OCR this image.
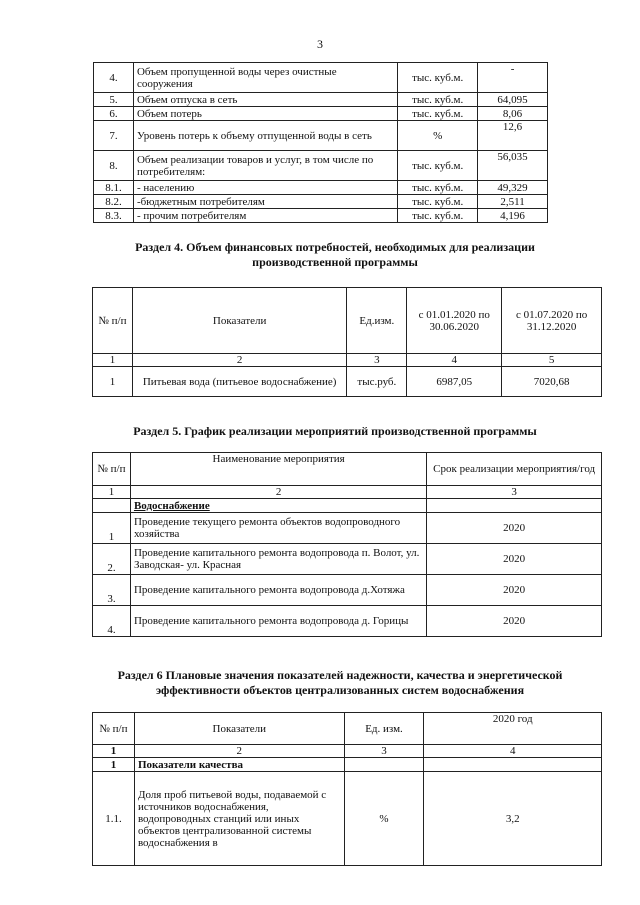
3
4.	Объем пропущенной воды через очистные сооружения	тыс. куб.м.	-
5.	Объем отпуска в сеть	тыс. куб.м.	64,095
6.	Объем потерь	тыс. куб.м.	8,06
7.	Уровень потерь к объему отпущенной воды в сеть	%	12,6
8.	Объем реализации товаров и услуг, в том числе по потребителям:	тыс. куб.м.	56,035
8.1.	- населению	тыс. куб.м.	49,329
8.2.	-бюджетным потребителям	тыс. куб.м.	2,511
8.3.	- прочим потребителям	тыс. куб.м.	4,196
Раздел 4. Объем финансовых потребностей, необходимых для реализации производственной программы
№ п/п	Показатели	Ед.изм.	с 01.01.2020 по 30.06.2020	с 01.07.2020 по 31.12.2020
1	2	3	4	5
1	Питьевая вода (питьевое водоснабжение)	тыс.руб.	6987,05	7020,68
Раздел 5. График реализации мероприятий производственной программы
№ п/п	Наименование мероприятия	Срок реализации мероприятия/год
1	2	3
	Водоснабжение	
1	Проведение текущего ремонта объектов водопроводного хозяйства	2020
2.	Проведение капитального ремонта водопровода п. Волот, ул. Заводская- ул. Красная	2020
3.	Проведение капитального ремонта водопровода д.Хотяжа	2020
4.	Проведение капитального ремонта водопровода д. Горицы	2020
Раздел 6 Плановые значения показателей надежности, качества и энергетической
эффективности объектов централизованных систем водоснабжения
№ п/п	Показатели	Ед. изм.	2020 год
1	2	3	4
1	Показатели качества		
1.1.	Доля проб питьевой воды, подаваемой с источников водоснабжения, водопроводных станций или иных объектов централизованной системы водоснабжения в	%	3,2
